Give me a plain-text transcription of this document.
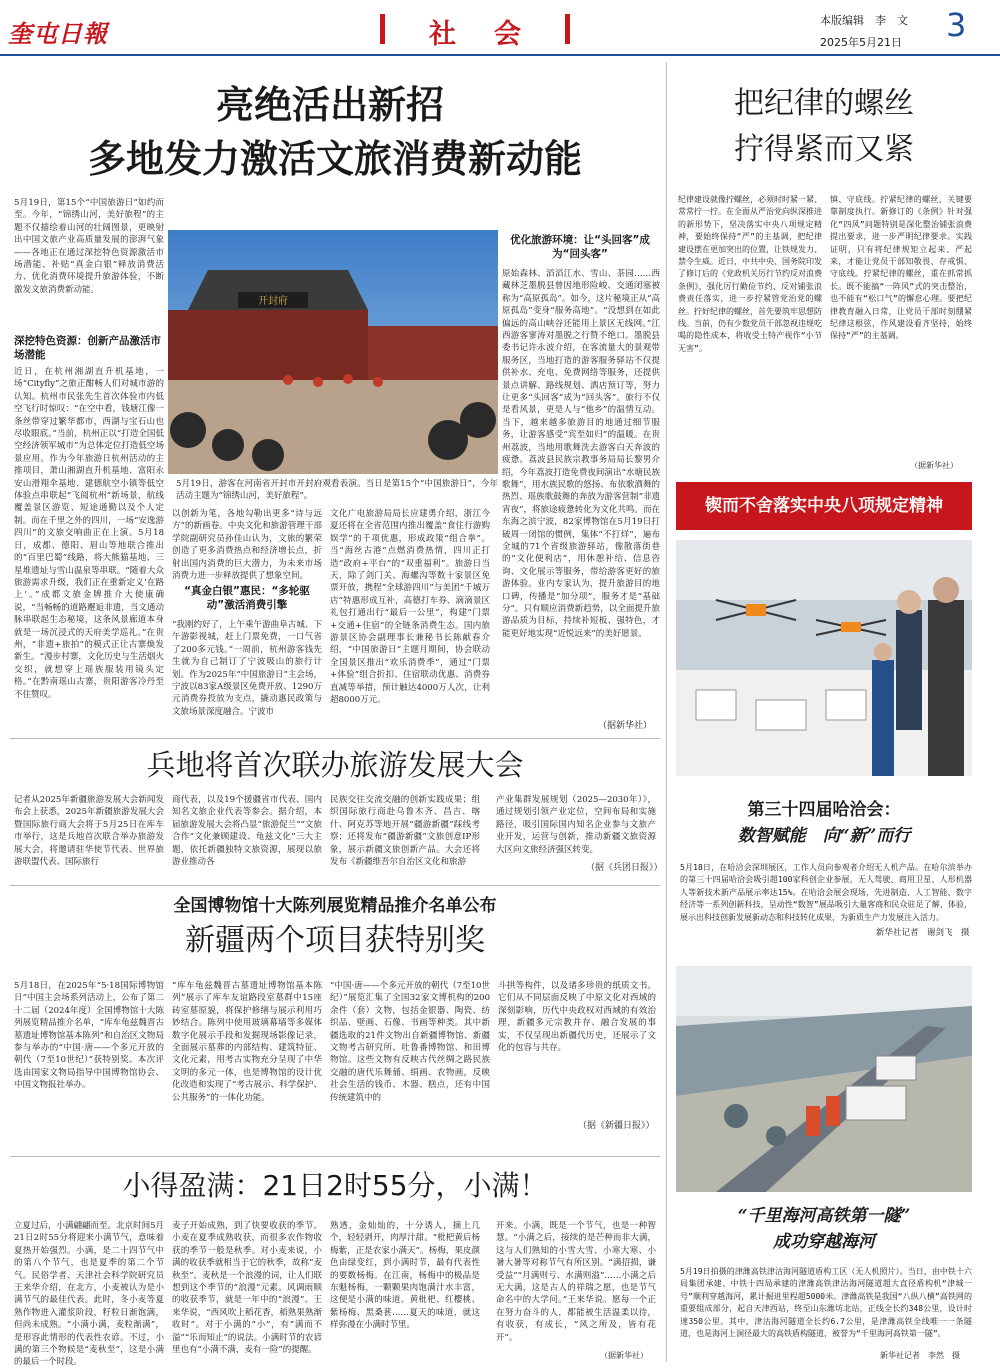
奎屯日報	社会	本版编辑　李　文
2025年5月21日 3
亮绝活出新招
多地发力激活文旅消费新动能
5月19日，第15个“中国旅游日”如约而至。今年，“锦绣山河，美好旅程”的主题不仅描绘着山河的壮阔图景，更映射出中国文旅产业高质量发展的澎湃气象——各地正在通过深挖特色资源激活市场潜能、补贴“真金白银”释放消费活力、优化消费环境提升旅游体验，不断激发文旅消费新动能。
深挖特色资源：创新产品激活市场潜能
近日，在杭州湘湖直升机基地，一场“Cityfly”之旅正酣畅人们对城市游的认知。杭州市民张先生首次体验市内低空飞行时惊叹：“在空中看，钱塘江像一条丝带穿过繁华都市，西湖与宝石山也尽收眼底。”当前，杭州正以“打造全国低空经济领军城市”为总体定位打造低空场景应用。作为今年旅游日杭州活动的主推项目，萧山湘湖直升机基地、富阳永安山滑翔伞基地、建德航空小镇等低空体验点串联起“飞阅杭州”新场景，航线覆盖景区游览、短途通勤以及个人定制。而在千里之外的四川，一场“安逸游四川”的文旅交响曲正在上演。5月18日，成都、德阳、眉山等地联合推出的“百里巴蜀”线路，将大熊猫基地、三星堆遗址与雪山温泉等串联。“随着大众旅游需求升级，我们正在重新定义‘在路上’。”成都文旅金牌推介大使康确说，“当畅畅的道路邂逅非遗，当文通动脉串联起生态秘境，这条风景廊道本身就是一场沉浸式的天府美学巡礼。”在贵州，“非遗+旅拍”的模式正让古寨焕发新生。“漫步村寨，文化历史与生活烟火交织，就想穿上瑶族服装用镜头定格。”在黔南瑶山古寨，贵阳游客冷丹至不住赞叹。
开封府
5月19日，游客在河南省开封市开封府观看表演。当日是第15个“中国旅游日”，今年活动主题为“锦绣山河，美好旅程”。
以创新为笔，各地勾勒出更多“诗与远方”的新画卷。中央文化和旅游管理干部学院副研究员孙佳山认为，文旅的繁荣创造了更多消费热点和经济增长点，折射出国内消费的巨大潜力，为未来市场消费力进一步释放提供了想象空间。
“真金白银”惠民：“多轮驱动”激活消费引擎
“我刚约好了，上午乘午游曲阜古城、下午游影视城，赶上门票免费，一口气省了200多元钱。”一周前，杭州游客钱先生就为自己制订了宁波吸山的旅行计划。作为2025年“中国旅游日”主会场，宁波以83家A级景区免费开放、1290万元消费券投放为支点，撬动惠民政策与文旅场景深度融合。宁波市
文化广电旅游局局长应建勇介绍，浙江今夏还将在全省范围内推出覆盖“食住行游购娱学”的千项优惠，形成政策“组合拳”。当“海丝古港”点燃消费热情，四川正打造“政府+平台”的“双重福利”。旅游日当天，除了剑门关、海螺沟等数十家景区免票开放，携程“全球游四川”与美团“千城万店”特惠形成互补，高德打车券、滴滴景区礼包打通出行“最后一公里”，构建“门票+交通+住宿”的全链条消费生态。国内旅游景区协会副理事长兼秘书长陈献春介绍，“中国旅游日”主题月期间，协会联动全国景区推出“欢乐消费季”，通过“门票+体验”组合折扣、住宿联动优惠、消费券直减等举措，预计触达4000万人次，让利超8000万元。
优化旅游环境：让“头回客”成为“回头客”
原始森林、滔滔江水、雪山、茶园……西藏林芝墨脱县曾因地形险峻、交通闭塞被称为“高原孤岛”。如今，这片秘境正从“高原孤岛”变身“服务高地”。“没想到在如此偏远的高山峡谷还能用上景区无线网。”江西游客寥涛对墨脱之行赞不绝口。墨脱县委书记许永波介绍，在客流量大的景观带服务区，当地打造的游客服务驿站不仅提供补水、充电、免费网络等服务，还提供景点讲解、路线规划、酒店预订等，努力让更多“头回客”成为“回头客”。旅行不仅是看风景，更是人与“他乡”的温情互动。当下，越来越多旅游目的地通过细节服务，让游客感受“宾至如归”的温暖。在贵州荔波，当地用歌舞洗去游客白天奔波的疲惫。荔波县民族宗教事务局局长黎男介绍，今年荔波打造免费夜间演出“水塘民族歌舞”，用水族民歌的悠扬、布依歌酒舞的热烈、瑶族歌鼓舞的奔放为游客营制“非遗宵夜”，将旅途疲惫转化为文化共鸣。而在东海之滨宁波，82家博物馆在5月19日打破周一闭馆的惯例，集体“不打烊”，遍布全城的71个省级旅游驿站，像散落街巷的“文化便利店”，用休憩补给、信息咨询、文化展示等服务，带给游客更好的旅游体验。业内专家认为，提升旅游目的地口碑，传播是“加分项”，服务才是“基础分”。只有顺应消费新趋势，以全面提升旅游品质为目标，持续补短板、强特色，才能更好地实现“近悦远来”的美好愿景。
（据新华社）
兵地将首次联办旅游发展大会
记者从2025年新疆旅游发展大会新闻发布会上获悉，2025年新疆旅游发展大会暨国际旅行商大会将于5月25日在库车市举行，这是兵地首次联合举办旅游发展大会，将邀请驻华使节代表、世界旅游联盟代表、国际旅行
商代表，以及19个援疆省市代表、国内知名文旅企业代表等参会。据介绍，本届旅游发展大会将凸显“旅游促兰”“文旅合作”文化兼顾建设、龟兹文化”三大主题，依托新疆独特文旅资源，展现以旅游业推动各
民族交往交流交融的创新实践成果；组织国际旅行商赴乌鲁木齐、昌吉、喀什、阿克苏等地开展“疆游新疆”踩线考察；还将发布“疆游新疆”文旅创意IP形象，展示新疆文旅创新产品。大会还将发布《新疆维吾尔自治区文化和旅游
产业集群发展规划（2025—2030年）》，通过规划引领产业定位，空间布局和实施路径，吸引国际国内知名企业参与文旅产业开发，运营与创新，推动新疆文旅资源大区向文旅经济强区转变。
（据《兵团日报》）
全国博物馆十大陈列展览精品推介名单公布
新疆两个项目获特别奖
5月18日，在2025年“5·18国际博物馆日”中国主会场系列活动上，公布了第二十二届（2024年度）全国博物馆十大陈列展览精品推介名单，“库车龟兹魏晋古墓遗址博物馆基本陈列”和自治区文物局参与举办的“中国·唐——个多元开放的朝代（7至10世纪）”获特别奖。本次评选由国家文物局指导中国博物馆协会、中国文物报社举办。
“库车龟兹魏晋古墓遗址博物馆基本陈列”展示了库车友谊路段室墓群中15座砖室墓原貌，将保护修缮与展示利用巧妙结合。陈列中使用玻璃幕墙等多媒体数字化展示手段和发掘现场影像记录，全面展示墓葬的内部结构、建筑特征、文化元素，用考古实物充分呈现了中华文明的多元一体，也是博物馆的设计优化改造和实现了“考古展示、科学保护、公共服务”的一体化功能。
“中国·唐——个多元开放的朝代（7至10世纪）”展览汇集了全国32家文博机构的200余件（套）文物，包括金银器、陶瓷、纺织品、壁画、石像、书画等种类。其中新疆选取的21件文物出自新疆博物馆、新疆文物考古研究所、吐鲁番博物馆、和田博物馆。这些文物有反映古代丝绸之路民族交融的唐代乐舞俑、绢画、农物画，反映社会生活的钱币、木器、糕点，还有中国传统建筑中的
斗拱等构件，以及诸多珍贵的纸质文书。它们从不同层面反映了中原文化对西域的深刻影响，历代中央政权对西域的有效治理，新疆多元宗教并存、融合发展的事实，不仅呈现出新疆代历史，还展示了文化的包容与共存。
（据《新疆日报》）
小得盈满：21日2时55分，小满！
立夏过后，小满翩翩而至。北京时间5月21日2时55分将迎来小满节气，意味着夏热开始强烈。小满，是二十四节气中的第八个节气，也是夏季的第二个节气。民俗学者、天津社会科学院研究员王来华介绍，在北方，小麦被认为是小满节气的最佳代表。此时，冬小麦等夏熟作物进入灌浆阶段，籽粒日渐饱满，但尚未成熟。“小满小满，麦粒渐满”，是形容此情形的代表性农谚。不过，小满的第三个物候是“麦秋至”，这是小满的最后一个时段。
麦子开始成熟，到了快要收获的季节。小麦在夏季成熟收获，而很多农作物收获的季节一般是秋季。对小麦来说，小满的收获季就相当于它的秋季，故称“麦秋至”。麦秋是一个浪漫的词，让人们联想到这个季节的“浪漫”元素。风调雨顺的收获季节，就是一年中的“浪漫”。王来华说，“西风吹上稻花香，稻熟果熟渐收时”。对于小满的“小”，有“满而不溢”“乐而知止”的说法。小满时节的农谚里也有“小满不满，麦有一险”的提醒。
熟透，金灿灿的，十分诱人，摘上几个，轻轻剥开，肉厚汁甜。“枇杷黄后杨梅紫，正是农家小满天”。杨梅，果皮颜色由绿变红，到小满时节，最有代表性的要数杨梅。在江南，杨梅中的极品是东魁杨梅，一颗颗果肉饱满汁水丰富，这便是小满的味道。黄枇杷、红樱桃、紫杨梅、黑桑葚……夏天的味道，就这样弥漫在小满时节里。
开来。小满，既是一个节气，也是一种智慧。“小满之后，接续的是芒种而非大满，这与人们熟知的小雪大雪、小寒大寒、小暑大暑等对称节气有所区别。“满招损，谦受益”“月满则亏、水满则溢”……小满之后无大满，这是古人的祥瑞之愿，也是节气命名中的大学问。”王来华说。愿每一个正在努力奋斗的人，都能被生活温柔以待，有收获，有成长，“风之所及，皆有花开”。
（据新华社）
把纪律的螺丝
拧得紧而又紧
纪律建设就像拧螺丝，必须时时紧一紧、常常拧一拧。在全面从严治党向纵深推进的新形势下，坚决落实中央八项规定精神，要始终保持“严”的主基调，把纪律建设摆在更加突出的位置，让铁规发力、禁令生威。近日，中共中央、国务院印发了修订后的《党政机关厉行节约反对浪费条例》，强化厉行勤俭节约、反对铺张浪费责任落实，进一步拧紧管党治党的螺丝。拧好纪律的螺丝，首先要筑牢思想防线。当前，仍有少数党员干部忽视违规吃喝的隐性成本，将收受土特产视作“小节无害”。
慎、守底线。拧紧纪律的螺丝，关键要靠制度执行。新修订的《条例》针对强化“四风”问题特别是深化整治铺张浪费提出要求，进一步严明纪律要求。实践证明，只有将纪律规矩立起来、严起来，才能让党员干部知敬畏、存戒惧、守底线。拧紧纪律的螺丝，重在抓常抓长。既不能搞“一阵风”式的突击整治，也不能有“松口气”的懈怠心理。要把纪律教育融入日常，让党员干部时刻绷紧纪律这根弦，作风建设看齐坚持，始终保持“严”的主基调。
（据新华社）
锲而不舍落实中央八项规定精神
第三十四届哈洽会：
数智赋能　向“新”而行
5月18日，在哈洽会深圳展区，工作人员向参观者介绍无人机产品。在哈尔滨举办的第三十四届哈洽会吸引超100家科创企业参展，无人驾驶、商用卫星、人形机器人等新技术新产品展示率达15%。在哈洽会展会现场，先进制造、人工智能、数字经济等一系列创新科技，呈动性“数智”展品吸引大量客商和民众驻足了解、体验，展示出科技创新发展新动态和科技转化成果，为新质生产力发展注入活力。
新华社记者　谢剑飞　摄
“千里海河高铁第一隧”
成功穿越海河
5月19日拍摄的津潍高铁津沽海河隧道盾构工区（无人机照片）。当日，由中铁十六局集团承建、中铁十四局承建的津潍高铁津沽海河隧道超大直径盾构机“津城一号”顺利穿越海河，累计掘进里程超5000米。津潍高铁是我国“八纵八横”高铁网的重要组成部分，起自天津西站，终至山东潍坊北站，正线全长约348公里，设计时速350公里。其中，津沽海河隧道全长约6.7公里，是津潍高铁全线唯一一条隧道，也是海河上洞径最大的高铁盾构隧道，被誉为“千里海河高铁第一隧”。
新华社记者　李然　摄
